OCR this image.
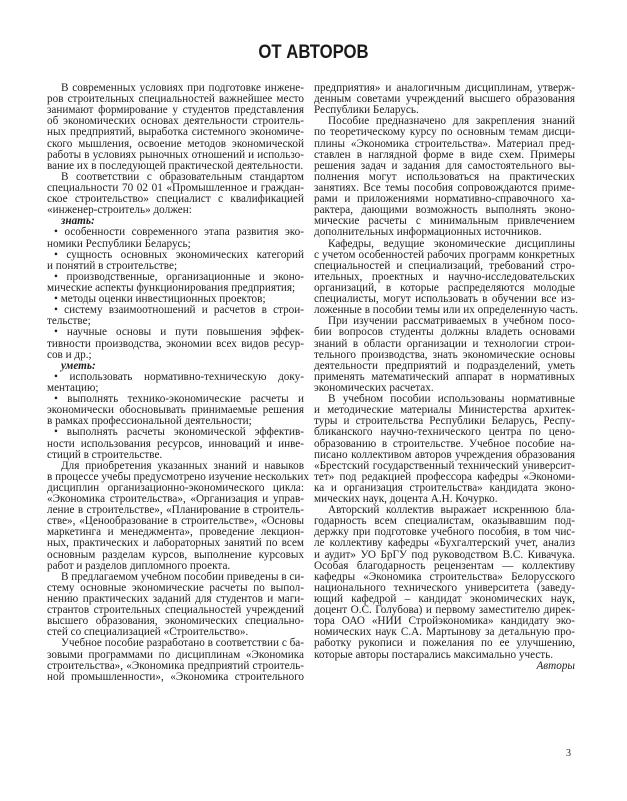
ОТ АВТОРОВ
В современных условиях при подготовке инжене-
ров строительных специальностей важнейшее место
занимают формирование у студентов представления
об экономических основах деятельности строитель-
ных предприятий, выработка системного экономиче-
ского мышления, освоение методов экономической
работы в условиях рыночных отношений и использо-
вание их в последующей практической деятельности.
В соответствии с образовательным стандартом
специальности 70 02 01 «Промышленное и граждан-
ское строительство» специалист с квалификацией
«инженер-строитель» должен:
знать:
• особенности современного этапа развития эко-
номики Республики Беларусь;
• сущность основных экономических категорий
и понятий в строительстве;
• производственные, организационные и эконо-
мические аспекты функционирования предприятия;
• методы оценки инвестиционных проектов;
• систему взаимоотношений и расчетов в строи-
тельстве;
• научные основы и пути повышения эффек-
тивности производства, экономии всех видов ресур-
сов и др.;
уметь:
• использовать нормативно-техническую доку-
ментацию;
• выполнять технико-экономические расчеты и
экономически обосновывать принимаемые решения
в рамках профессиональной деятельности;
• выполнять расчеты экономической эффектив-
ности использования ресурсов, инноваций и инве-
стиций в строительстве.
Для приобретения указанных знаний и навыков
в процессе учебы предусмотрено изучение нескольких
дисциплин организационно-экономического цикла:
«Экономика строительства», «Организация и управ-
ление в строительстве», «Планирование в строитель-
стве», «Ценообразование в строительстве», «Основы
маркетинга и менеджмента», проведение лекцион-
ных, практических и лабораторных занятий по всем
основным разделам курсов, выполнение курсовых
работ и разделов дипломного проекта.
В предлагаемом учебном пособии приведены в си-
стему основные экономические расчеты по выпол-
нению практических заданий для студентов и маги-
странтов строительных специальностей учреждений
высшего образования, экономических специально-
стей со специализацией «Строительство».
Учебное пособие разработано в соответствии с ба-
зовыми программами по дисциплинам «Экономика
строительства», «Экономика предприятий строитель-
ной промышленности», «Экономика строительного
предприятия» и аналогичным дисциплинам, утверж-
денным советами учреждений высшего образования
Республики Беларусь.
Пособие предназначено для закрепления знаний
по теоретическому курсу по основным темам дисци-
плины «Экономика строительства». Материал пред-
ставлен в наглядной форме в виде схем. Примеры
решения задач и задания для самостоятельного вы-
полнения могут использоваться на практических
занятиях. Все темы пособия сопровождаются приме-
рами и приложениями нормативно-справочного ха-
рактера, дающими возможность выполнять эконо-
мические расчеты с минимальным привлечением
дополнительных информационных источников.
Кафедры, ведущие экономические дисциплины
с учетом особенностей рабочих программ конкретных
специальностей и специализаций, требований стро-
ительных, проектных и научно-исследовательских
организаций, в которые распределяются молодые
специалисты, могут использовать в обучении все из-
ложенные в пособии темы или их определенную часть.
При изучении рассматриваемых в учебном посо-
бии вопросов студенты должны владеть основами
знаний в области организации и технологии строи-
тельного производства, знать экономические основы
деятельности предприятий и подразделений, уметь
применять математический аппарат в нормативных
экономических расчетах.
В учебном пособии использованы нормативные
и методические материалы Министерства архитек-
туры и строительства Республики Беларусь, Респу-
бликанского научно-технического центра по цено-
образованию в строительстве. Учебное пособие на-
писано коллективом авторов учреждения образования
«Брестский государственный технический университ-
тет» под редакцией профессора кафедры «Экономи-
ка и организация строительства» кандидата эконо-
мических наук, доцента А.Н. Кочурко.
Авторский коллектив выражает искреннюю бла-
годарность всем специалистам, оказывавшим под-
держку при подготовке учебного пособия, в том чис-
ле коллективу кафедры «Бухгалтерский учет, анализ
и аудит» УО БрГУ под руководством В.С. Кивачука.
Особая благодарность рецензентам — коллективу
кафедры «Экономика строительства» Белорусского
национального технического университета (заведу-
ющий кафедрой – кандидат экономических наук,
доцент О.С. Голубова) и первому заместителю дирек-
тора ОАО «НИИ Стройэкономика» кандидату эко-
номических наук С.А. Мартынову за детальную про-
работку рукописи и пожелания по ее улучшению,
которые авторы постарались максимально учесть.
Авторы
3
